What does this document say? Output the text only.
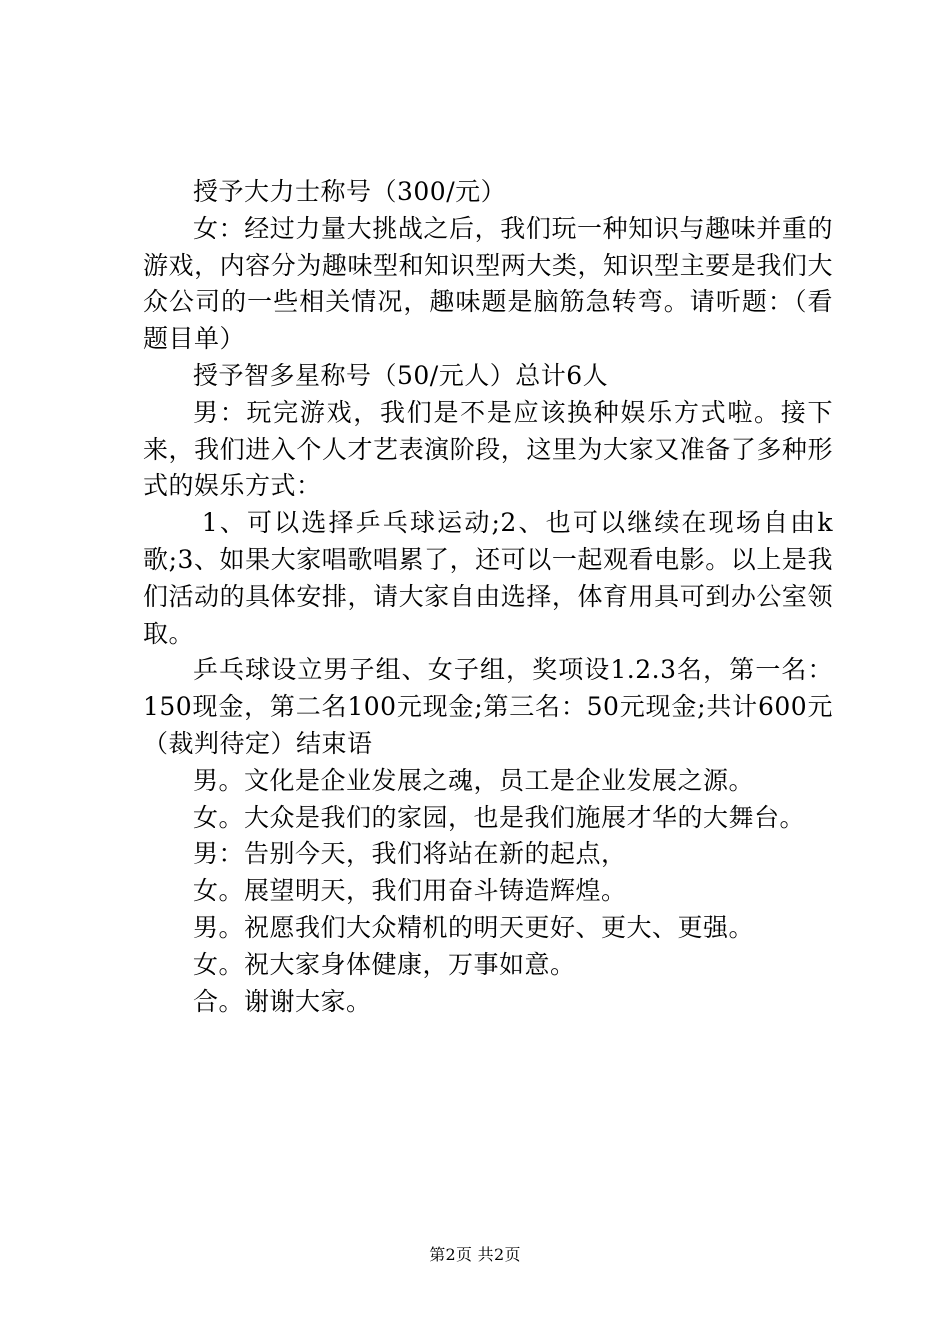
授予大力士称号（300/元）

女：经过力量大挑战之后，我们玩一种知识与趣味并重的游戏，内容分为趣味型和知识型两大类，知识型主要是我们大众公司的一些相关情况，趣味题是脑筋急转弯。请听题：（看题目单）

授予智多星称号（50/元人）总计6人

男：玩完游戏，我们是不是应该换种娱乐方式啦。接下来，我们进入个人才艺表演阶段，这里为大家又准备了多种形式的娱乐方式：

1、可以选择乒乓球运动;2、也可以继续在现场自由k歌;3、如果大家唱歌唱累了，还可以一起观看电影。以上是我们活动的具体安排，请大家自由选择，体育用具可到办公室领取。

乒乓球设立男子组、女子组，奖项设1.2.3名，第一名：150现金，第二名100元现金;第三名：50元现金;共计600元（裁判待定）结束语

男。文化是企业发展之魂，员工是企业发展之源。

女。大众是我们的家园，也是我们施展才华的大舞台。

男：告别今天，我们将站在新的起点，

女。展望明天，我们用奋斗铸造辉煌。

男。祝愿我们大众精机的明天更好、更大、更强。

女。祝大家身体健康，万事如意。

合。谢谢大家。

第2页 共2页
